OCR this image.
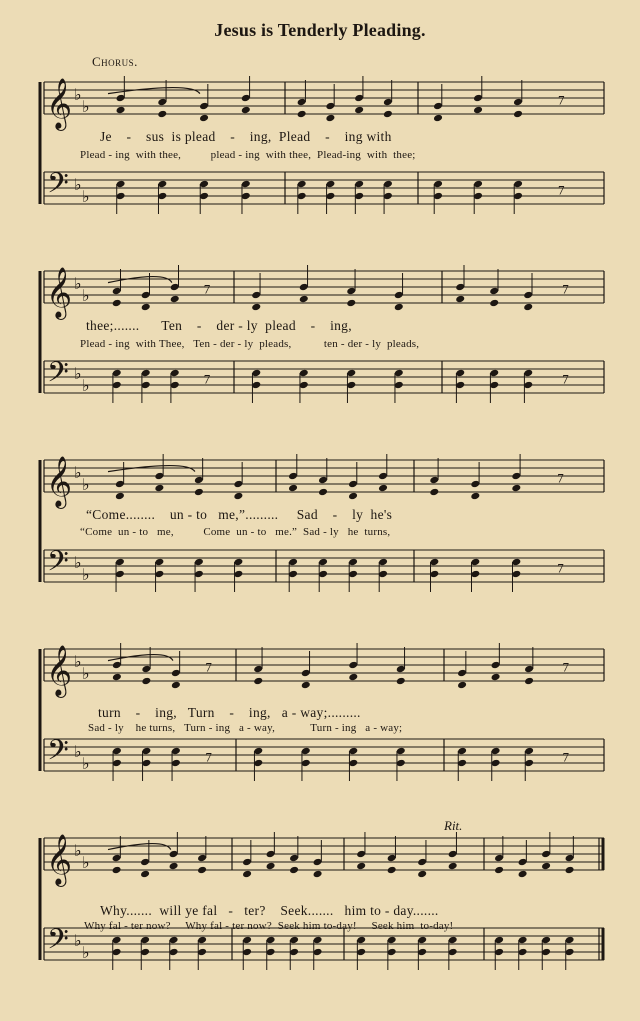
Jesus is Tenderly Pleading.
Chorus.
Rit.
𝄞 ♭
♭
𝄢 ♭
♭
7
7
𝄞 ♭
♭
𝄢 ♭
♭
7
7
7
7
𝄞 ♭
♭
𝄢 ♭
♭
7
7
𝄞 ♭
♭
𝄢 ♭
♭
7
7
7
7
𝄞 ♭
♭
𝄢 ♭
♭
Je    -    sus  is plead    -    ing,  Plead    -    ing with
Plead - ing  with thee,          plead - ing  with thee,  Plead-ing  with  thee;
thee;.......      Ten    -    der - ly  plead    -    ing,
Plead - ing  with Thee,   Ten - der - ly  pleads,           ten - der - ly  pleads,
“Come........    un - to   me,”.........     Sad    -    ly  he's
“Come  un - to   me,          Come  un - to   me.”  Sad - ly   he  turns,
turn    -    ing,   Turn    -    ing,   a - way;.........
Sad - ly    he turns,   Turn - ing   a - way,            Turn - ing   a - way;
Why.......  will ye fal   -   ter?    Seek.......   him to - day.......
Why fal - ter now?     Why fal - ter now?  Seek him to-day!     Seek him  to-day!
